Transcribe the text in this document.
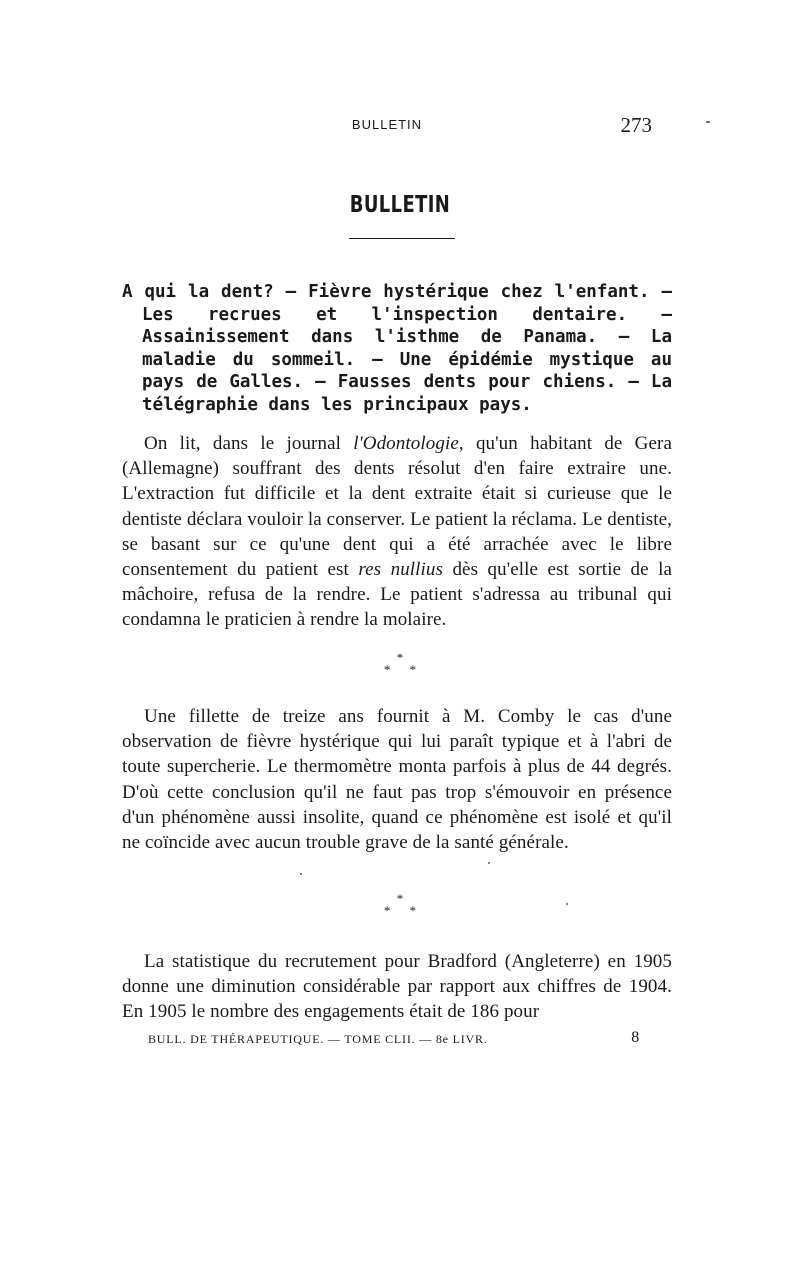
BULLETIN	273
BULLETIN
A qui la dent? — Fièvre hystérique chez l'enfant. — Les recrues et l'inspection dentaire. — Assainissement dans l'isthme de Panama. — La maladie du sommeil. — Une épidémie mystique au pays de Galles. — Fausses dents pour chiens. — La télégraphie dans les principaux pays.
On lit, dans le journal l'Odontologie, qu'un habitant de Gera (Allemagne) souffrant des dents résolut d'en faire extraire une. L'extraction fut difficile et la dent extraite était si curieuse que le dentiste déclara vouloir la conserver. Le patient la réclama. Le dentiste, se basant sur ce qu'une dent qui a été arrachée avec le libre consentement du patient est res nullius dès qu'elle est sortie de la mâchoire, refusa de la rendre. Le patient s'adressa au tribunal qui condamna le praticien à rendre la molaire.
*
* *
Une fillette de treize ans fournit à M. Comby le cas d'une observation de fièvre hystérique qui lui paraît typique et à l'abri de toute supercherie. Le thermomètre monta parfois à plus de 44 degrés. D'où cette conclusion qu'il ne faut pas trop s'émouvoir en présence d'un phénomène aussi insolite, quand ce phénomène est isolé et qu'il ne coïncide avec aucun trouble grave de la santé générale.
*
* *
La statistique du recrutement pour Bradford (Angleterre) en 1905 donne une diminution considérable par rapport aux chiffres de 1904. En 1905 le nombre des engagements était de 186 pour
BULL. DE THÉRAPEUTIQUE. — TOME CLII. — 8e LIVR.	8
